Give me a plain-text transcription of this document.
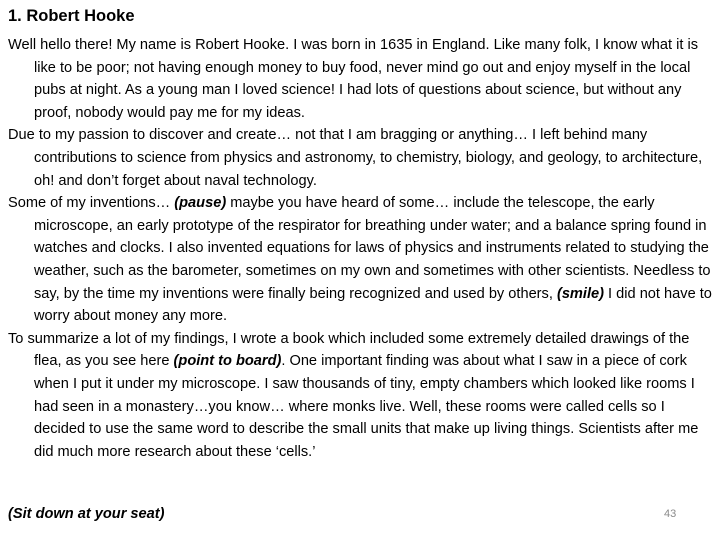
1. Robert Hooke

Well hello there! My name is Robert Hooke. I was born in 1635 in England. Like many folk, I know what it is like to be poor; not having enough money to buy food, never mind go out and enjoy myself in the local pubs at night. As a young man I loved science! I had lots of questions about science, but without any proof, nobody would pay me for my ideas.

Due to my passion to discover and create… not that I am bragging or anything… I left behind many contributions to science from physics and astronomy, to chemistry, biology, and geology, to architecture, oh! and don’t forget about naval technology.

Some of my inventions… (pause) maybe you have heard of some… include the telescope, the early microscope, an early prototype of the respirator for breathing under water; and a balance spring found in watches and clocks. I also invented equations for laws of physics and instruments related to studying the weather, such as the barometer, sometimes on my own and sometimes with other scientists. Needless to say, by the time my inventions were finally being recognized and used by others, (smile) I did not have to worry about money any more.

To summarize a lot of my findings, I wrote a book which included some extremely detailed drawings of the flea, as you see here (point to board). One important finding was about what I saw in a piece of cork when I put it under my microscope. I saw thousands of tiny, empty chambers which looked like rooms I had seen in a monastery…you know… where monks live. Well, these rooms were called cells so I decided to use the same word to describe the small units that make up living things. Scientists after me did much more research about these ‘cells.’

(Sit down at your seat)	43
